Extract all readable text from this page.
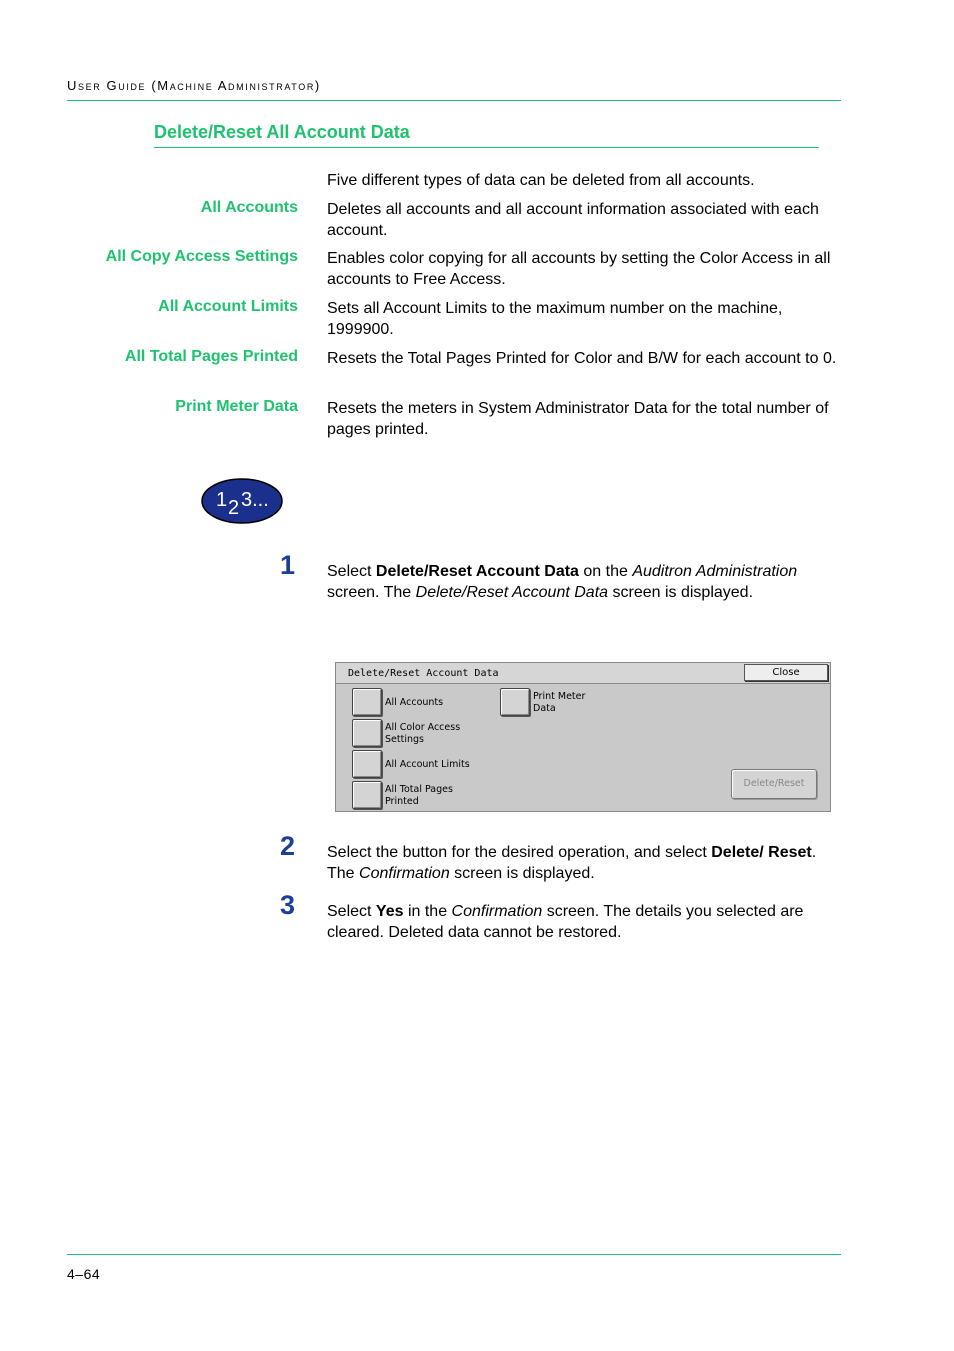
User Guide (Machine Administrator)
Delete/Reset All Account Data
Five different types of data can be deleted from all accounts.
All Accounts Deletes all accounts and all account information associated with each account.
All Copy Access Settings Enables color copying for all accounts by setting the Color Access in all accounts to Free Access.
All Account Limits Sets all Account Limits to the maximum number on the machine, 1999900.
All Total Pages Printed Resets the Total Pages Printed for Color and B/W for each account to 0.
Print Meter Data Resets the meters in System Administrator Data for the total number of pages printed.
1 2 3...
1 Select Delete/Reset Account Data on the Auditron Administration screen. The Delete/Reset Account Data screen is displayed.
Delete/Reset Account Data	Close
All Accounts
All Color Access
Settings
All Account Limits
All Total Pages
Printed
Print Meter
Data
Delete/Reset
2 Select the button for the desired operation, and select Delete/ Reset. The Confirmation screen is displayed.
3 Select Yes in the Confirmation screen. The details you selected are cleared. Deleted data cannot be restored.
4–64
